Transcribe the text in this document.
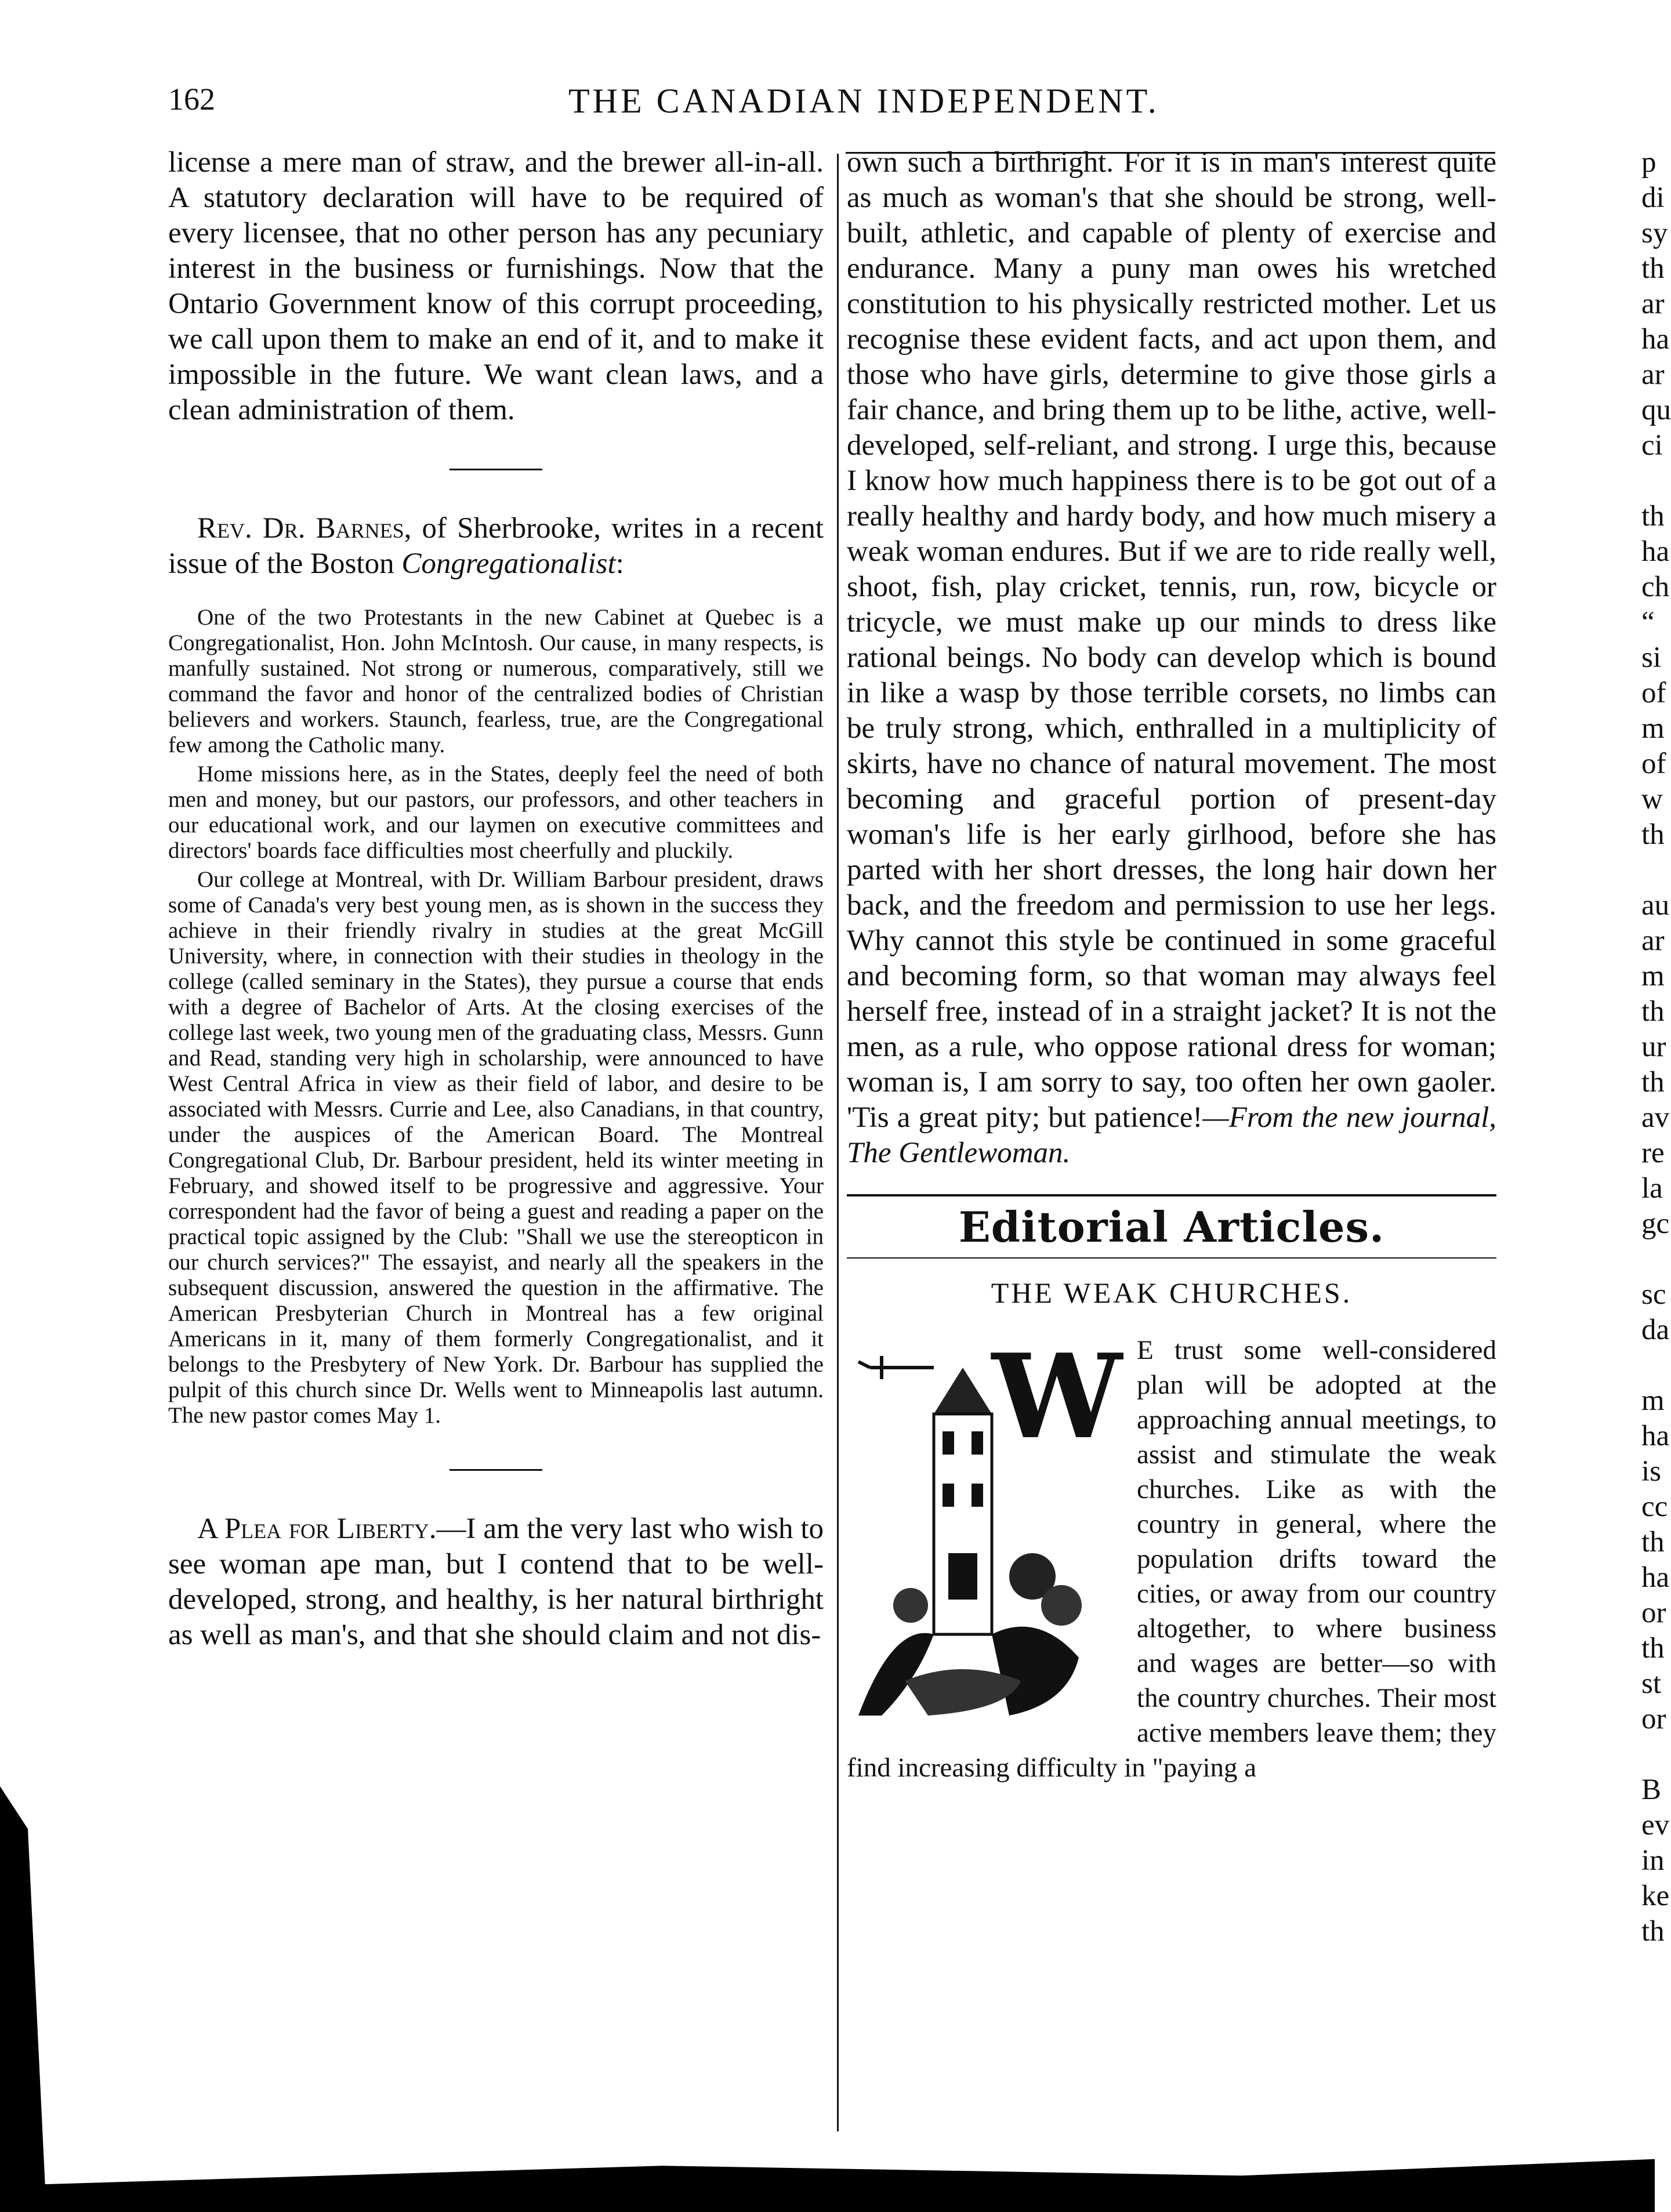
162	THE CANADIAN INDEPENDENT.

license a mere man of straw, and the brewer all-in-all. A statutory declaration will have to be required of every licensee, that no other person has any pecuniary interest in the business or furnishings. Now that the Ontario Government know of this corrupt proceeding, we call upon them to make an end of it, and to make it impossible in the future. We want clean laws, and a clean administration of them.

Rev. Dr. Barnes, of Sherbrooke, writes in a recent issue of the Boston Congregationalist:

One of the two Protestants in the new Cabinet at Quebec is a Congregationalist, Hon. John McIntosh. Our cause, in many respects, is manfully sustained. Not strong or numerous, comparatively, still we command the favor and honor of the centralized bodies of Christian believers and workers. Staunch, fearless, true, are the Congregational few among the Catholic many.

Home missions here, as in the States, deeply feel the need of both men and money, but our pastors, our professors, and other teachers in our educational work, and our laymen on executive committees and directors' boards face difficulties most cheerfully and pluckily.

Our college at Montreal, with Dr. William Barbour president, draws some of Canada's very best young men, as is shown in the success they achieve in their friendly rivalry in studies at the great McGill University, where, in connection with their studies in theology in the college (called seminary in the States), they pursue a course that ends with a degree of Bachelor of Arts. At the closing exercises of the college last week, two young men of the graduating class, Messrs. Gunn and Read, standing very high in scholarship, were announced to have West Central Africa in view as their field of labor, and desire to be associated with Messrs. Currie and Lee, also Canadians, in that country, under the auspices of the American Board. The Montreal Congregational Club, Dr. Barbour president, held its winter meeting in February, and showed itself to be progressive and aggressive. Your correspondent had the favor of being a guest and reading a paper on the practical topic assigned by the Club: "Shall we use the stereopticon in our church services?" The essayist, and nearly all the speakers in the subsequent discussion, answered the question in the affirmative. The American Presbyterian Church in Montreal has a few original Americans in it, many of them formerly Congregationalist, and it belongs to the Presbytery of New York. Dr. Barbour has supplied the pulpit of this church since Dr. Wells went to Minneapolis last autumn. The new pastor comes May 1.

A Plea for Liberty.—I am the very last who wish to see woman ape man, but I contend that to be well-developed, strong, and healthy, is her natural birthright as well as man's, and that she should claim and not dis-

own such a birthright. For it is in man's interest quite as much as woman's that she should be strong, well-built, athletic, and capable of plenty of exercise and endurance. Many a puny man owes his wretched constitution to his physically restricted mother. Let us recognise these evident facts, and act upon them, and those who have girls, determine to give those girls a fair chance, and bring them up to be lithe, active, well-developed, self-reliant, and strong. I urge this, because I know how much happiness there is to be got out of a really healthy and hardy body, and how much misery a weak woman endures. But if we are to ride really well, shoot, fish, play cricket, tennis, run, row, bicycle or tricycle, we must make up our minds to dress like rational beings. No body can develop which is bound in like a wasp by those terrible corsets, no limbs can be truly strong, which, enthralled in a multiplicity of skirts, have no chance of natural movement. The most becoming and graceful portion of present-day woman's life is her early girlhood, before she has parted with her short dresses, the long hair down her back, and the freedom and permission to use her legs. Why cannot this style be continued in some graceful and becoming form, so that woman may always feel herself free, instead of in a straight jacket? It is not the men, as a rule, who oppose rational dress for woman; woman is, I am sorry to say, too often her own gaoler. 'Tis a great pity; but patience!—From the new journal, The Gentlewoman.

Editorial Articles.
THE WEAK CHURCHES.
W E trust some well-considered plan will be adopted at the approaching annual meetings, to assist and stimulate the weak churches. Like as with the country in general, where the population drifts toward the cities, or away from our country altogether, to where business and wages are better—so with the country churches. Their most active members leave them; they find increasing difficulty in "paying a
p
di
sy
th
ar
ha
ar
qu
ci

th
ha
ch
“
si
of
m
of
w
th

au
ar
m
th
ur
th
av
re
la
gc

sc
da

m
ha
is
cc
th
ha
or
th
st
or

B
ev
in
ke
th
